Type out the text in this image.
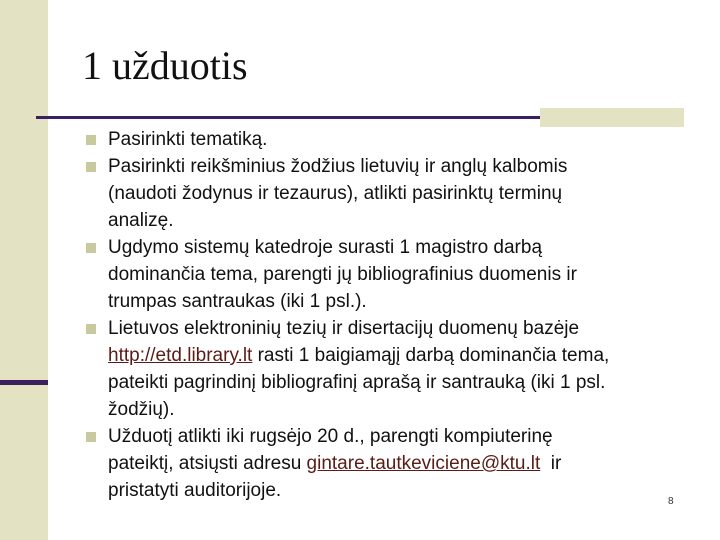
1 užduotis
Pasirinkti tematiką.
Pasirinkti reikšminius žodžius lietuvių ir anglų kalbomis
(naudoti žodynus ir tezaurus), atlikti pasirinktų terminų
analizę.
Ugdymo sistemų katedroje surasti 1 magistro darbą
dominančia tema, parengti jų bibliografinius duomenis ir
trumpas santraukas (iki 1 psl.).
Lietuvos elektroninių tezių ir disertacijų duomenų bazėje
http://etd.library.lt rasti 1 baigiamąjį darbą dominančia tema,
pateikti pagrindinį bibliografinį aprašą ir santrauką (iki 1 psl.
žodžių).
Užduotį atlikti iki rugsėjo 20 d., parengti kompiuterinę
pateiktį, atsiųsti adresu gintare.tautkeviciene@ktu.lt  ir
pristatyti auditorijoje.
8
